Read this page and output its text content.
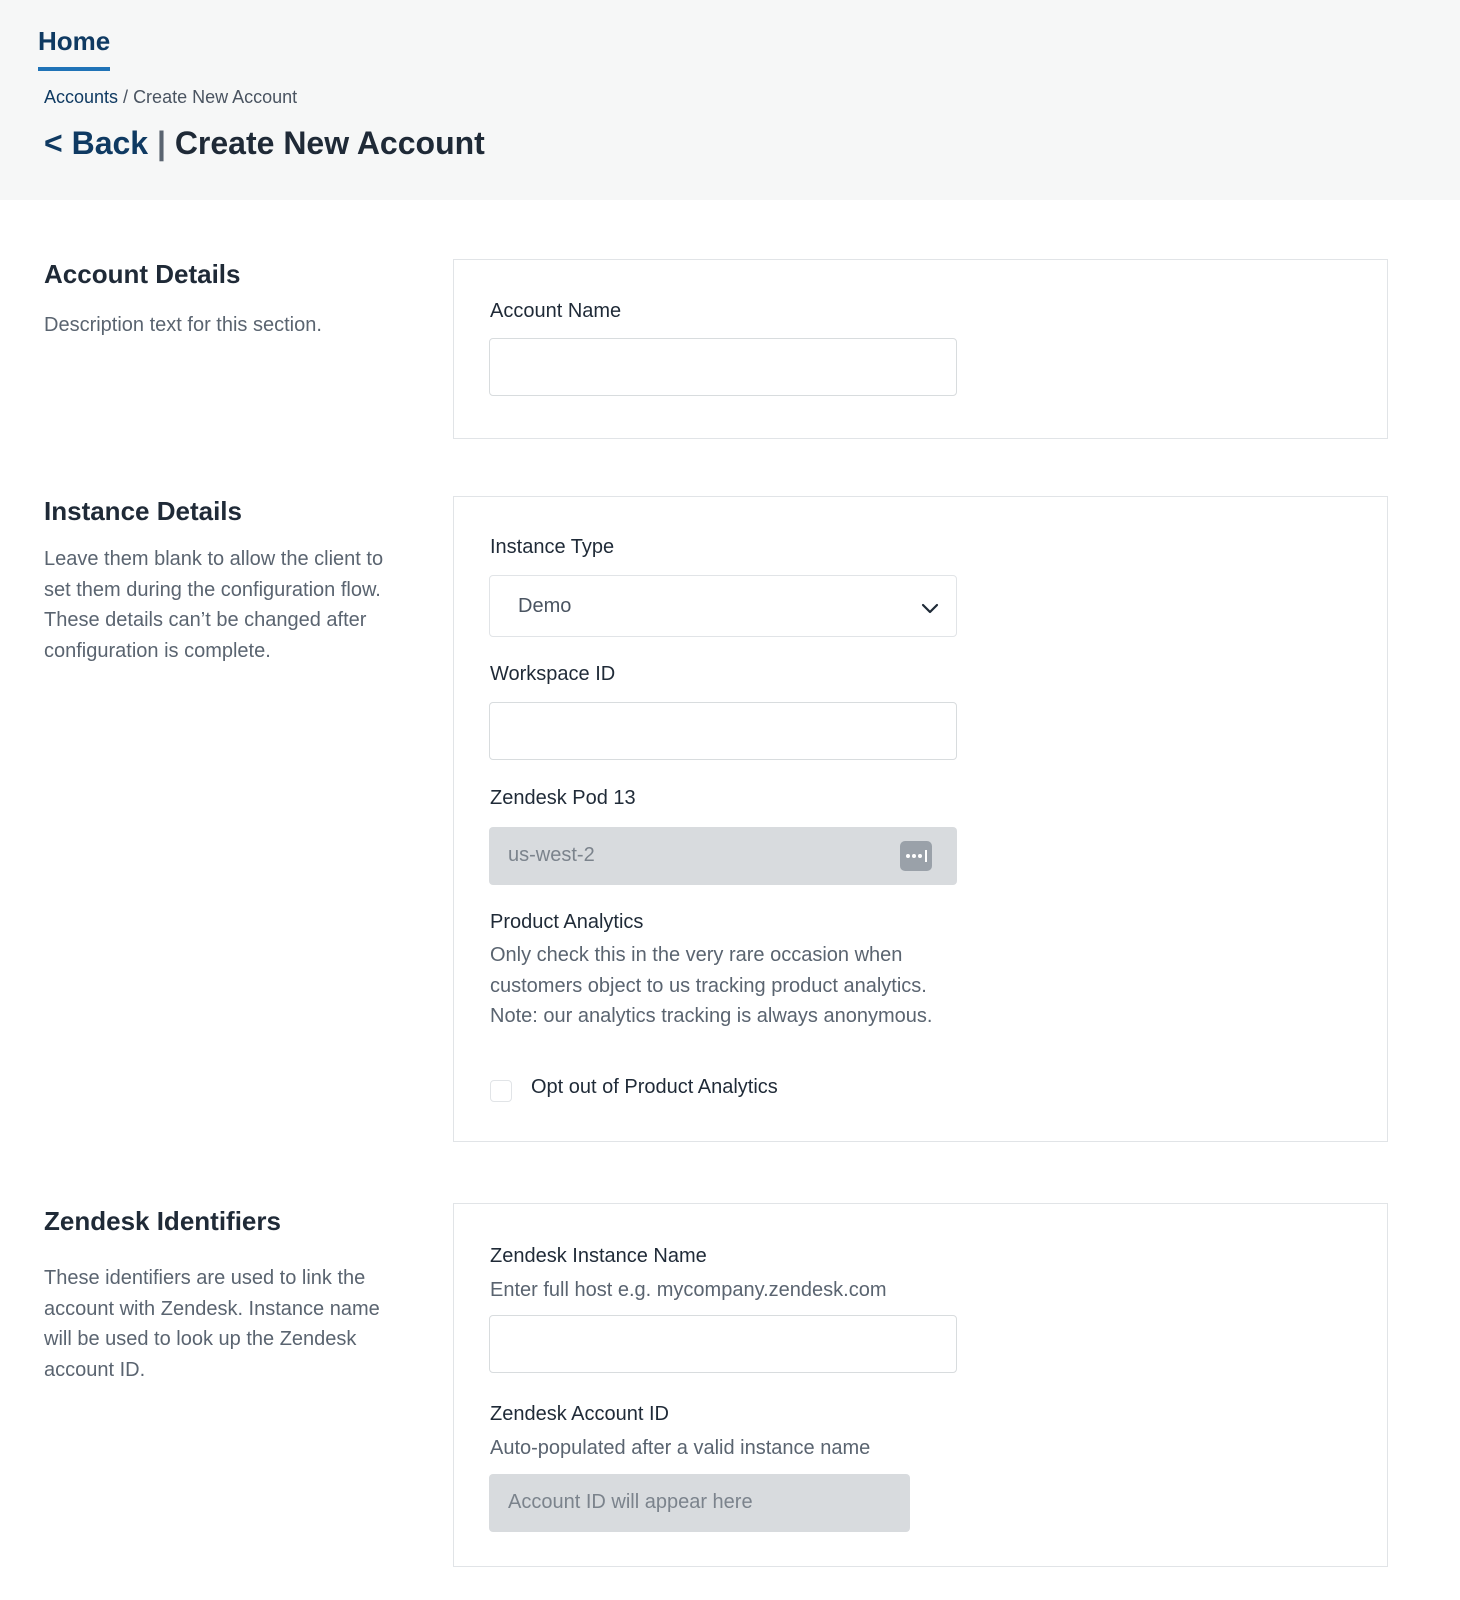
Home
Accounts / Create New Account
< Back | Create New Account
Account Details
Description text for this section.
Account Name
Instance Details
Leave them blank to allow the client to set them during the configuration flow. These details can’t be changed after configuration is complete.
Instance Type
Demo
Workspace ID
Zendesk Pod 13
us-west-2
Product Analytics
Only check this in the very rare occasion when customers object to us tracking product analytics. Note: our analytics tracking is always anonymous.
Opt out of Product Analytics
Zendesk Identifiers
These identifiers are used to link the account with Zendesk. Instance name will be used to look up the Zendesk account ID.
Zendesk Instance Name
Enter full host e.g. mycompany.zendesk.com
Zendesk Account ID
Auto-populated after a valid instance name
Account ID will appear here
